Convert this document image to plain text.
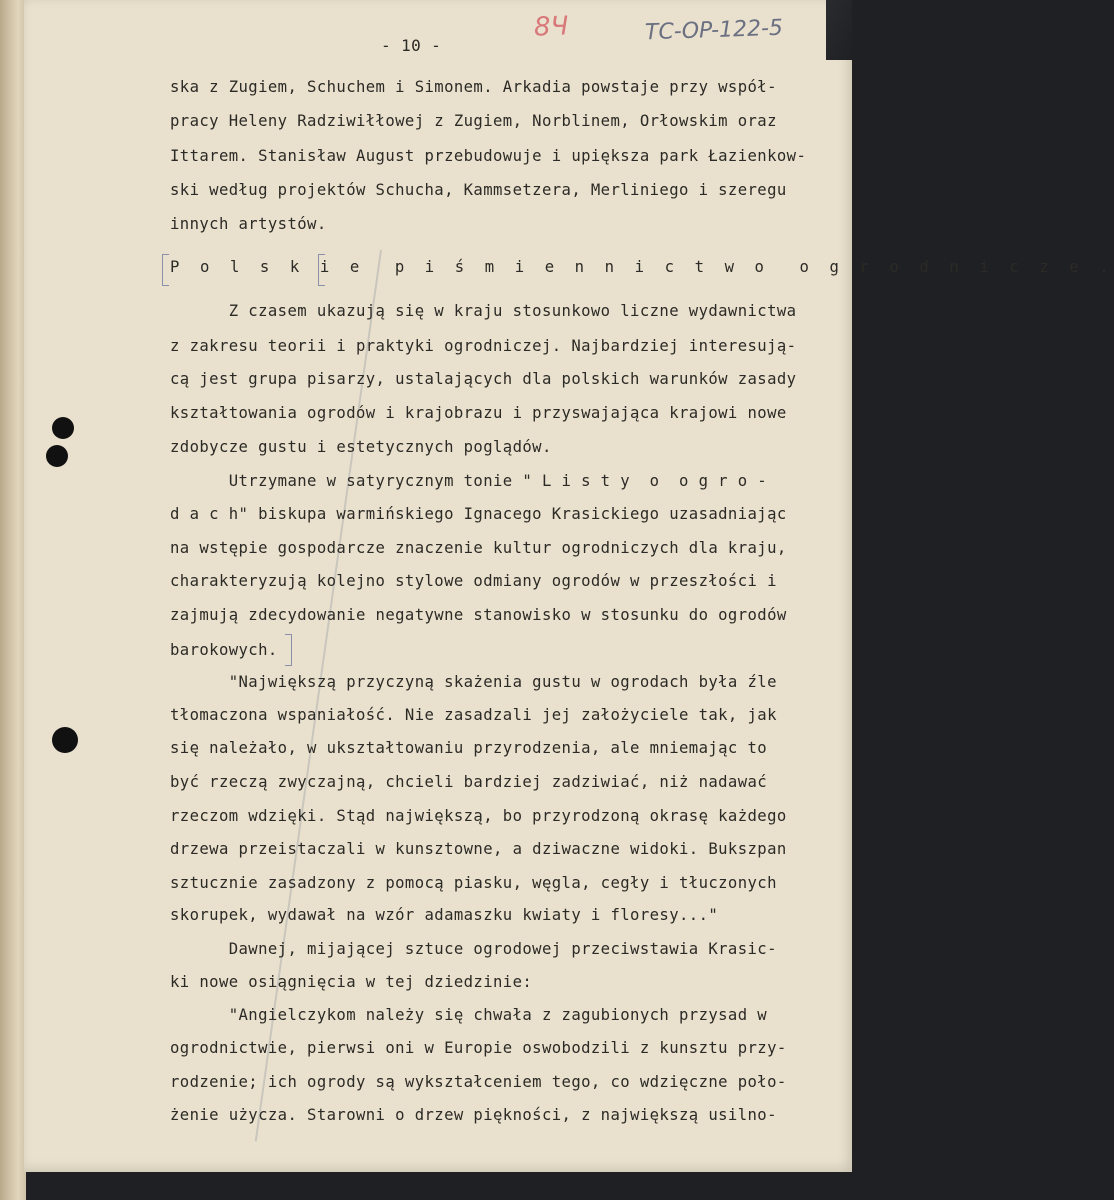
- 10 -
8Ч	TC-OP-122-5
ska z Zugiem, Schuchem i Simonem. Arkadia powstaje przy współ-
pracy Heleny Radziwiłłowej z Zugiem, Norblinem, Orłowskim oraz
Ittarem. Stanisław August przebudowuje i upiększa park Łazienkow-
ski według projektów Schucha, Kammsetzera, Merliniego i szeregu
innych artystów.
P o l s k i e  p i ś m i e n n i c t w o  o g r o d n i c z e .
Z czasem ukazują się w kraju stosunkowo liczne wydawnictwa
z zakresu teorii i praktyki ogrodniczej. Najbardziej interesują-
cą jest grupa pisarzy, ustalających dla polskich warunków zasady
kształtowania ogrodów i krajobrazu i przyswajająca krajowi nowe
zdobycze gustu i estetycznych poglądów.
Utrzymane w satyrycznym tonie " L i s t y  o  o g r o -
d a c h" biskupa warmińskiego Ignacego Krasickiego uzasadniając
na wstępie gospodarcze znaczenie kultur ogrodniczych dla kraju,
charakteryzują kolejno stylowe odmiany ogrodów w przeszłości i
zajmują zdecydowanie negatywne stanowisko w stosunku do ogrodów
barokowych.
"Największą przyczyną skażenia gustu w ogrodach była źle
tłomaczona wspaniałość. Nie zasadzali jej założyciele tak, jak
się należało, w ukształtowaniu przyrodzenia, ale mniemając to
być rzeczą zwyczajną, chcieli bardziej zadziwiać, niż nadawać
rzeczom wdzięki. Stąd największą, bo przyrodzoną okrasę każdego
drzewa przeistaczali w kunsztowne, a dziwaczne widoki. Bukszpan
sztucznie zasadzony z pomocą piasku, węgla, cegły i tłuczonych
skorupek, wydawał na wzór adamaszku kwiaty i floresy..."
Dawnej, mijającej sztuce ogrodowej przeciwstawia Krasic-
ki nowe osiągnięcia w tej dziedzinie:
"Angielczykom należy się chwała z zagubionych przysad w
ogrodnictwie, pierwsi oni w Europie oswobodzili z kunsztu przy-
rodzenie; ich ogrody są wykształceniem tego, co wdzięczne poło-
żenie użycza. Starowni o drzew piękności, z największą usilno-
